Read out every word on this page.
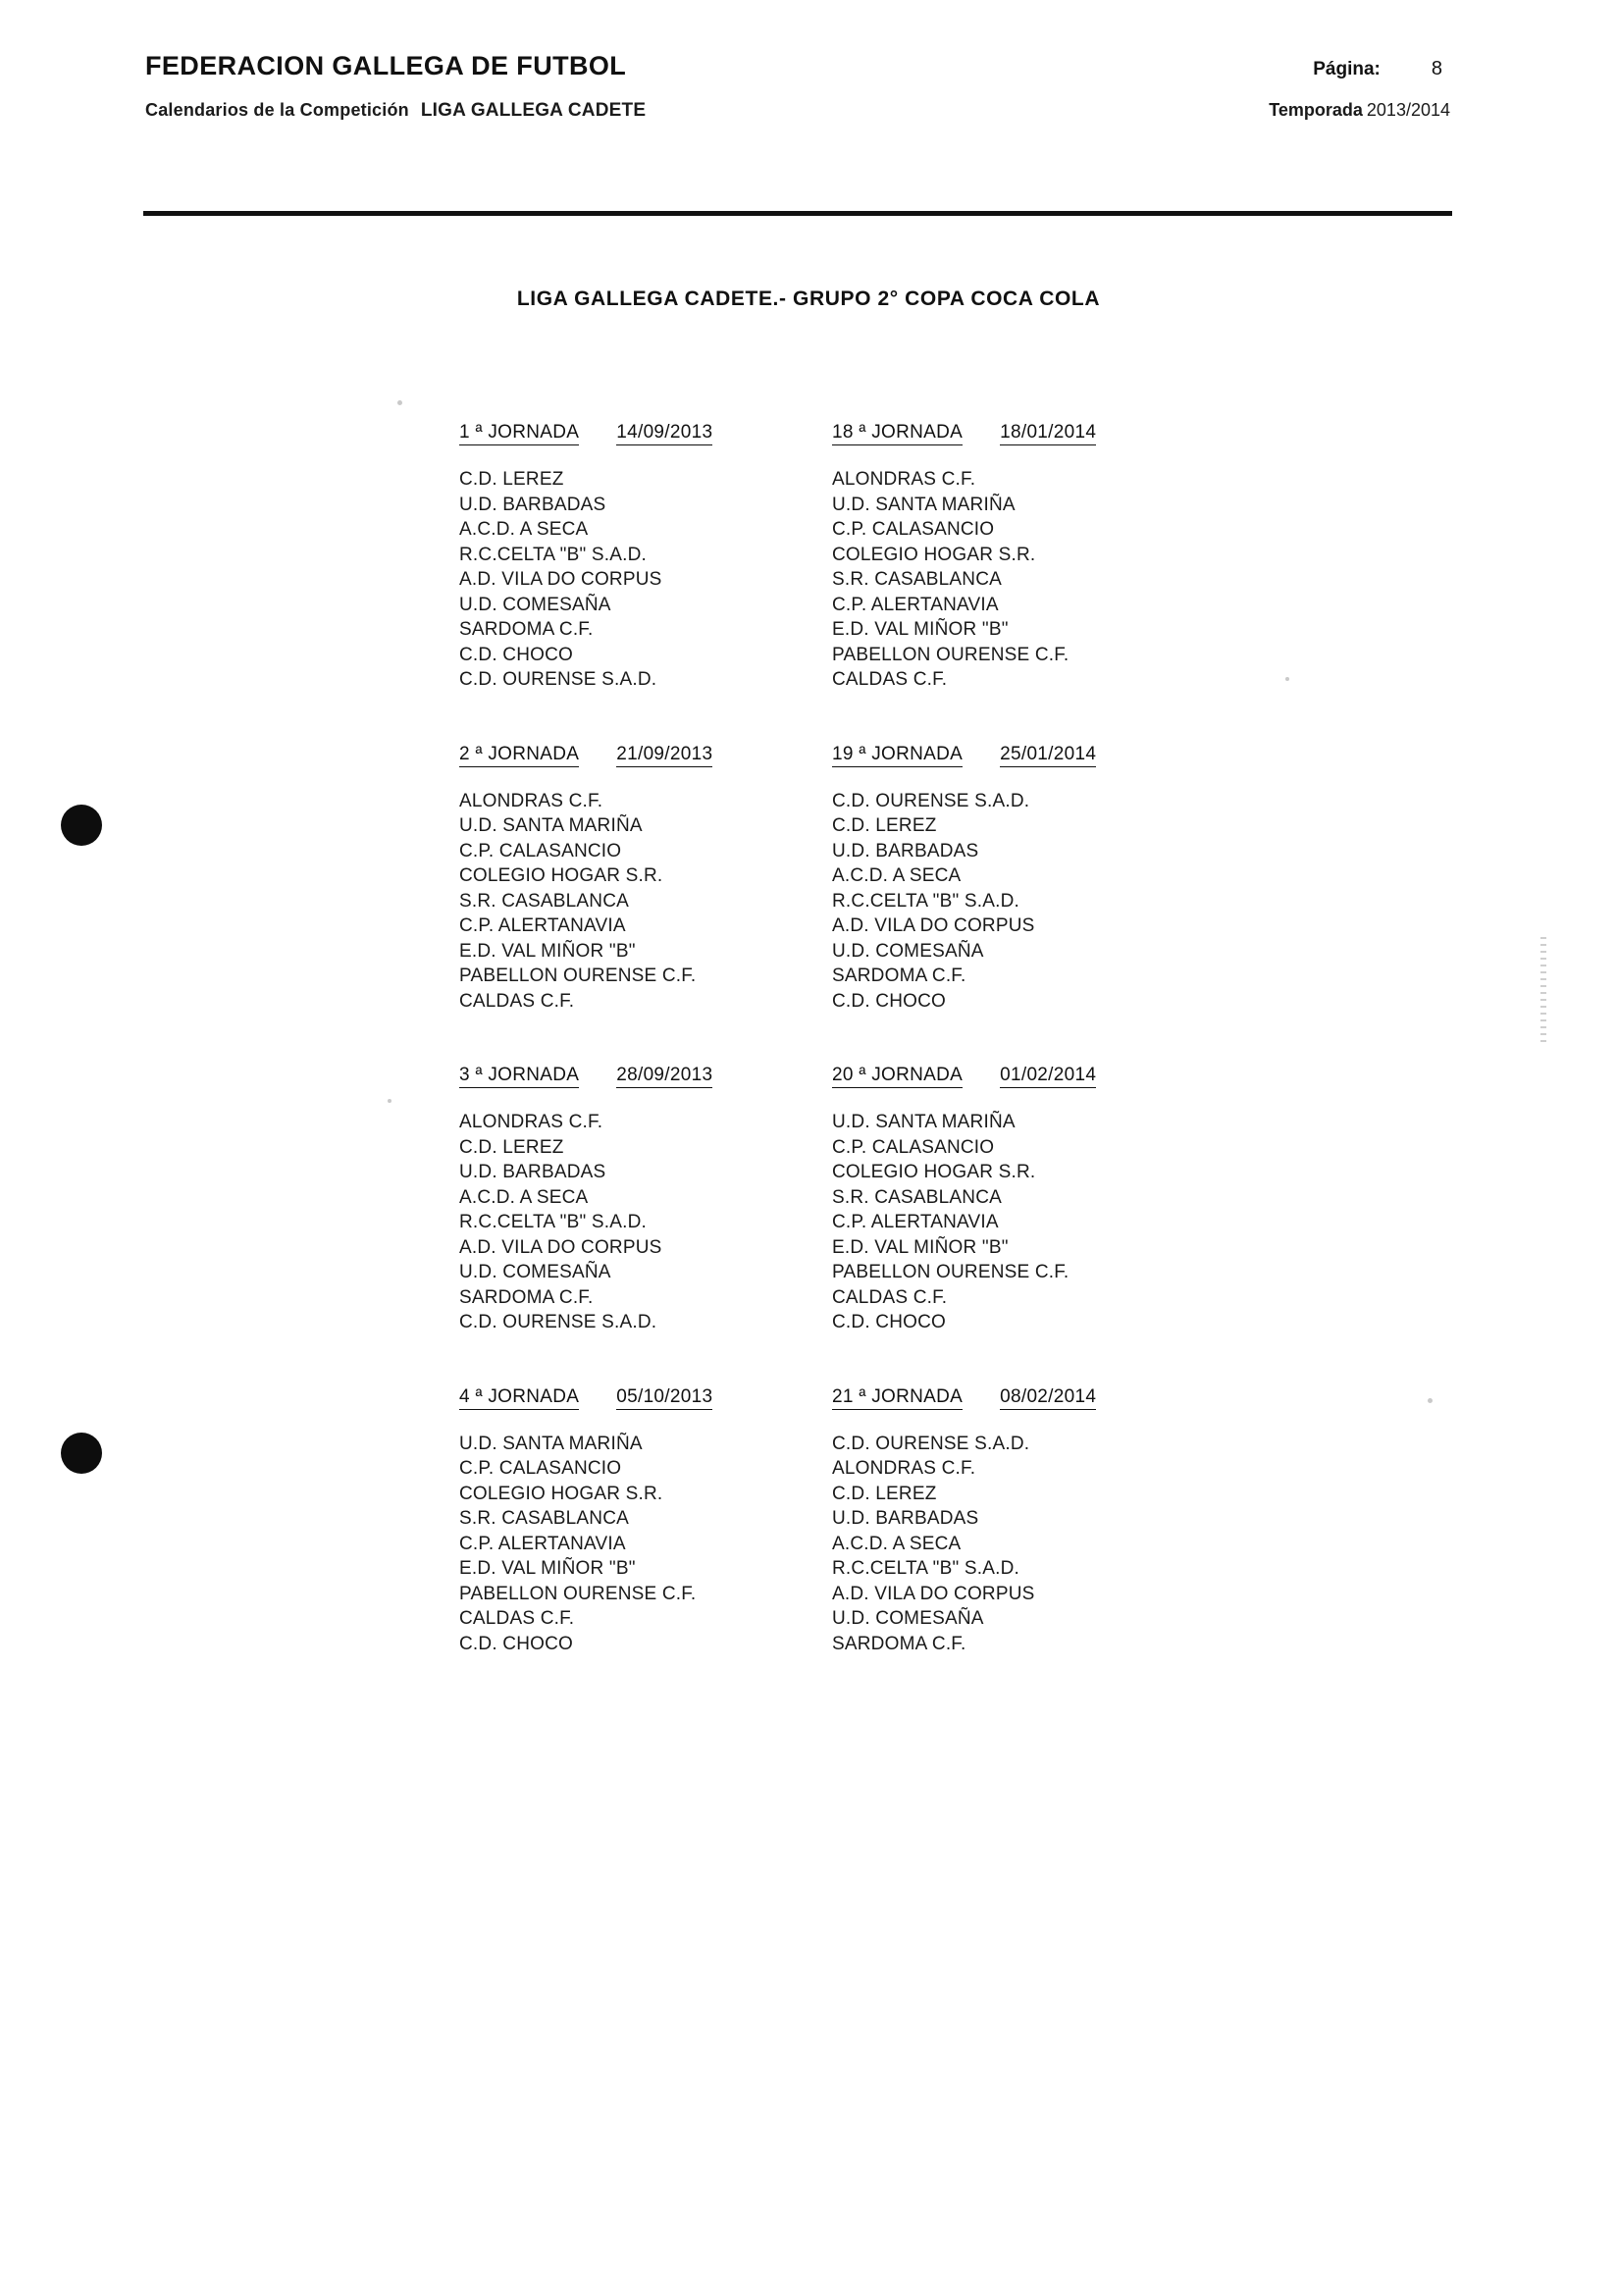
FEDERACION GALLEGA DE FUTBOL	Página:	8
Calendarios de la Competición LIGA GALLEGA CADETE	Temporada 2013/2014
LIGA GALLEGA CADETE.- GRUPO 2° COPA COCA COLA
1 ª JORNADA 14/09/2013
C.D. LEREZ
U.D. BARBADAS
A.C.D. A SECA
R.C.CELTA "B" S.A.D.
A.D. VILA DO CORPUS
U.D. COMESAÑA
SARDOMA C.F.
C.D. CHOCO
C.D. OURENSE S.A.D.
18 ª JORNADA 18/01/2014
ALONDRAS C.F.
U.D. SANTA MARIÑA
C.P. CALASANCIO
COLEGIO HOGAR S.R.
S.R. CASABLANCA
C.P. ALERTANAVIA
E.D. VAL MIÑOR "B"
PABELLON OURENSE C.F.
CALDAS C.F.
2 ª JORNADA 21/09/2013
ALONDRAS C.F.
U.D. SANTA MARIÑA
C.P. CALASANCIO
COLEGIO HOGAR S.R.
S.R. CASABLANCA
C.P. ALERTANAVIA
E.D. VAL MIÑOR "B"
PABELLON OURENSE C.F.
CALDAS C.F.
19 ª JORNADA 25/01/2014
C.D. OURENSE S.A.D.
C.D. LEREZ
U.D. BARBADAS
A.C.D. A SECA
R.C.CELTA "B" S.A.D.
A.D. VILA DO CORPUS
U.D. COMESAÑA
SARDOMA C.F.
C.D. CHOCO
3 ª JORNADA 28/09/2013
ALONDRAS C.F.
C.D. LEREZ
U.D. BARBADAS
A.C.D. A SECA
R.C.CELTA "B" S.A.D.
A.D. VILA DO CORPUS
U.D. COMESAÑA
SARDOMA C.F.
C.D. OURENSE S.A.D.
20 ª JORNADA 01/02/2014
U.D. SANTA MARIÑA
C.P. CALASANCIO
COLEGIO HOGAR S.R.
S.R. CASABLANCA
C.P. ALERTANAVIA
E.D. VAL MIÑOR "B"
PABELLON OURENSE C.F.
CALDAS C.F.
C.D. CHOCO
4 ª JORNADA 05/10/2013
U.D. SANTA MARIÑA
C.P. CALASANCIO
COLEGIO HOGAR S.R.
S.R. CASABLANCA
C.P. ALERTANAVIA
E.D. VAL MIÑOR "B"
PABELLON OURENSE C.F.
CALDAS C.F.
C.D. CHOCO
21 ª JORNADA 08/02/2014
C.D. OURENSE S.A.D.
ALONDRAS C.F.
C.D. LEREZ
U.D. BARBADAS
A.C.D. A SECA
R.C.CELTA "B" S.A.D.
A.D. VILA DO CORPUS
U.D. COMESAÑA
SARDOMA C.F.
